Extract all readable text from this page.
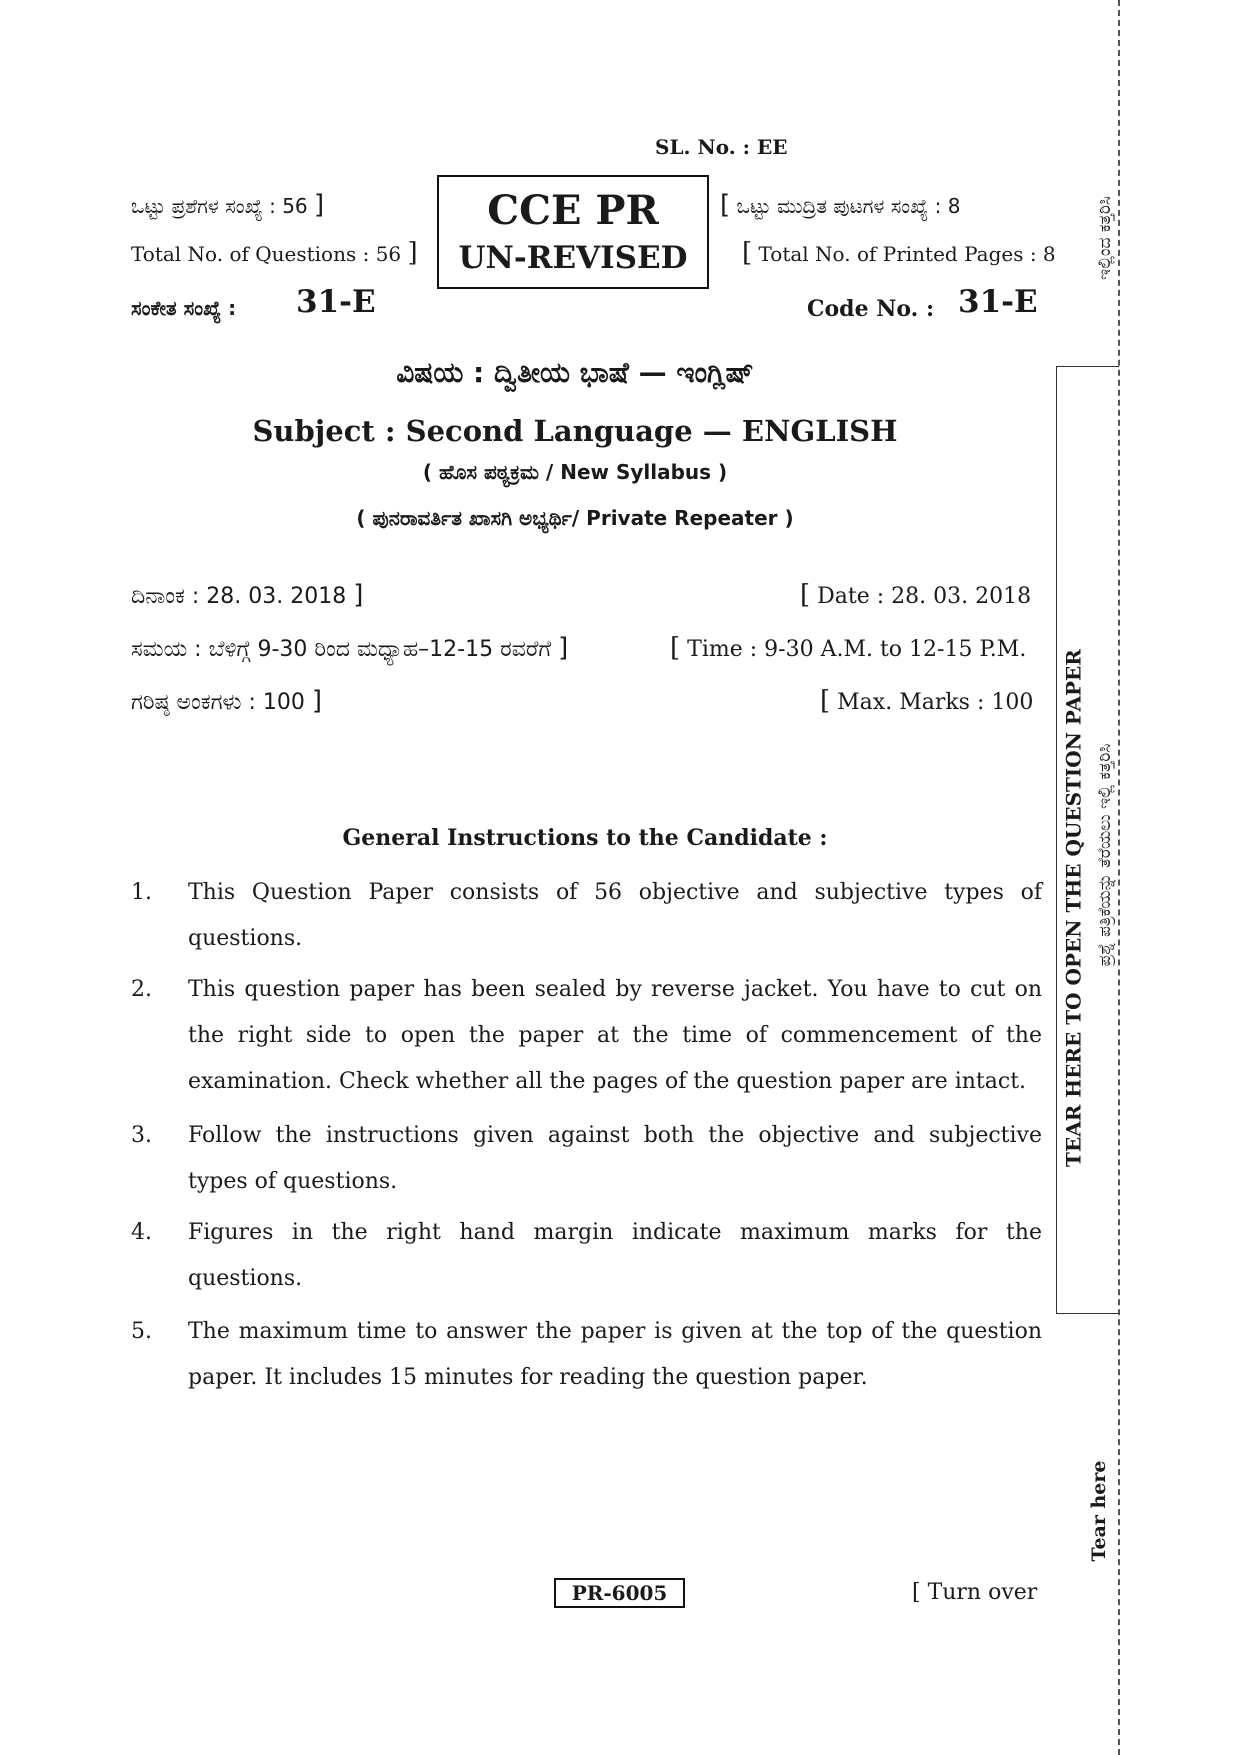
SL. No. : EE
ಒಟ್ಟು ಪ್ರಶೆಗಳ ಸಂಖ್ಯೆ : 56 ]
Total No. of Questions : 56 ]
CCE PR
UN-REVISED
[ ಒಟ್ಟು ಮುದ್ರಿತ ಪುಟಗಳ ಸಂಖ್ಯೆ : 8
[ Total No. of Printed Pages : 8
ಸಂಕೇತ ಸಂಖ್ಯೆ : 31-E	Code No. : 31-E
ವಿಷಯ : ದ್ವಿತೀಯ ಭಾಷೆ — ಇಂಗ್ಲಿಷ್
Subject : Second Language — ENGLISH
( ಹೊಸ ಪಠ್ಯಕ್ರಮ / New Syllabus )
( ಪುನರಾವರ್ತಿತ ಖಾಸಗಿ ಅಭ್ಯರ್ಥಿ/ Private Repeater )
ದಿನಾಂಕ : 28. 03. 2018 ]	[ Date : 28. 03. 2018
ಸಮಯ : ಬೆಳಿಗ್ಗೆ 9-30 ರಿಂದ ಮಧ್ಯಾಹ–12-15 ರವರೆಗೆ ]	[ Time : 9-30 A.M. to 12-15 P.M.
ಗರಿಷ್ಠ ಅಂಕಗಳು : 100 ]	[ Max. Marks : 100
General Instructions to the Candidate :
1. This Question Paper consists of 56 objective and subjective types of questions.
2. This question paper has been sealed by reverse jacket. You have to cut on the right side to open the paper at the time of commencement of the examination. Check whether all the pages of the question paper are intact.
3. Follow the instructions given against both the objective and subjective types of questions.
4. Figures in the right hand margin indicate maximum marks for the questions.
5. The maximum time to answer the paper is given at the top of the question paper. It includes 15 minutes for reading the question paper.
PR-6005	[ Turn over
TEAR HERE TO OPEN THE QUESTION PAPER ಪ್ರಶ್ನೆ ಪತ್ರಿಕೆಯನ್ನು ತೆರೆಯಲು ಇಲ್ಲಿ ಕತ್ತರಿಸಿ
ಇಲ್ಲಿಂದ ಕತ್ತರಿಸಿ
Tear here
